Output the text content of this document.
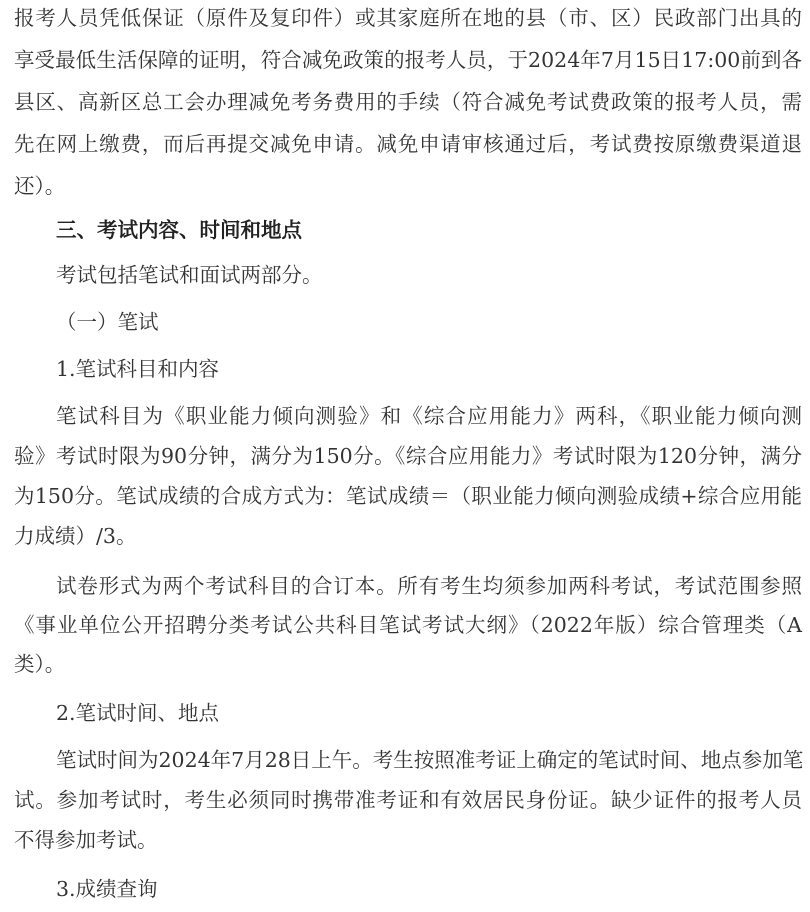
报考人员凭低保证（原件及复印件）或其家庭所在地的县（市、区）民政部门出具的
享受最低生活保障的证明，符合减免政策的报考人员，于2024年7月15日17:00前到各
县区、高新区总工会办理减免考务费用的手续（符合减免考试费政策的报考人员，需
先在网上缴费，而后再提交减免申请。减免申请审核通过后，考试费按原缴费渠道退
还）。
三、考试内容、时间和地点
考试包括笔试和面试两部分。
（一）笔试
1.笔试科目和内容
笔试科目为《职业能力倾向测验》和《综合应用能力》两科，《职业能力倾向测
验》考试时限为90分钟，满分为150分。《综合应用能力》考试时限为120分钟，满分
为150分。笔试成绩的合成方式为：笔试成绩＝（职业能力倾向测验成绩+综合应用能
力成绩）/3。
试卷形式为两个考试科目的合订本。所有考生均须参加两科考试，考试范围参照
《事业单位公开招聘分类考试公共科目笔试考试大纲》（2022年版）综合管理类（A
类）。
2.笔试时间、地点
笔试时间为2024年7月28日上午。考生按照准考证上确定的笔试时间、地点参加笔
试。参加考试时，考生必须同时携带准考证和有效居民身份证。缺少证件的报考人员
不得参加考试。
3.成绩查询
